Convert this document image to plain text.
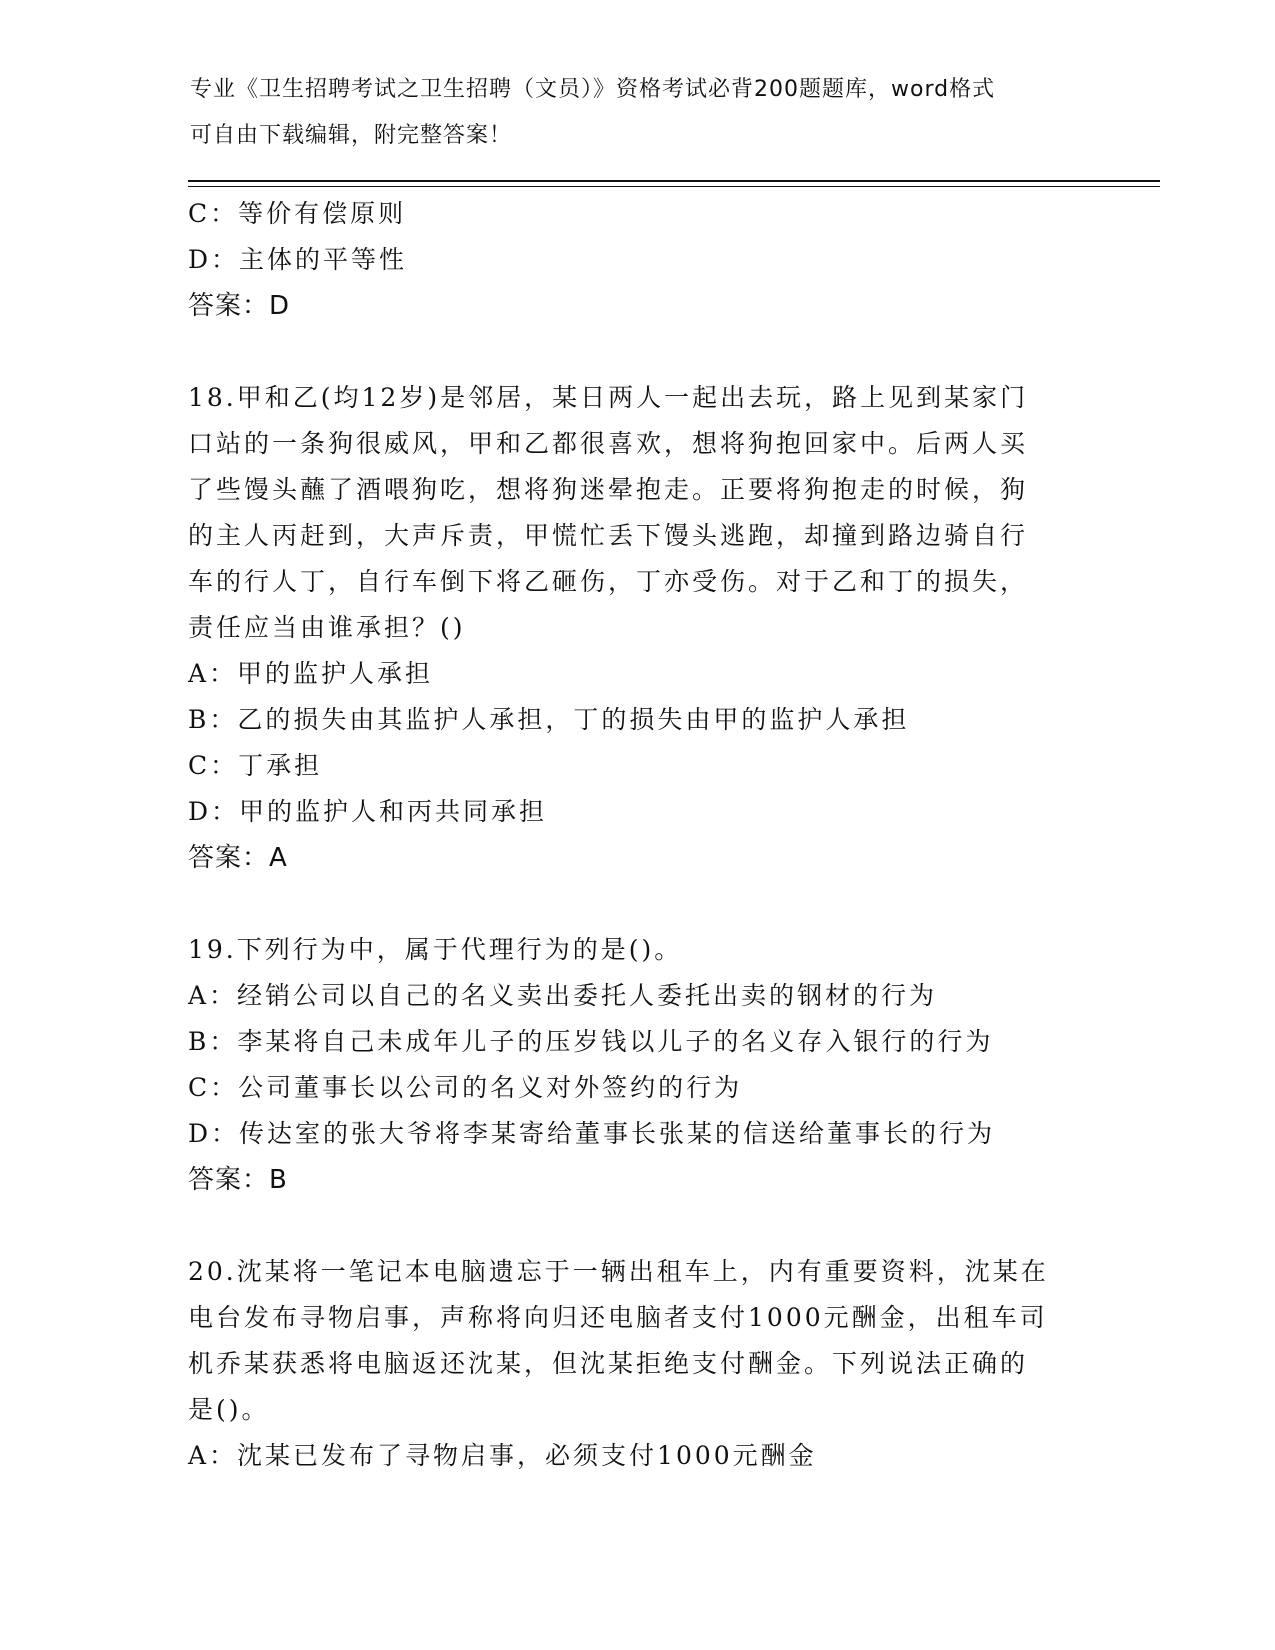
专业《卫生招聘考试之卫生招聘（文员）》资格考试必背200题题库，word格式
可自由下载编辑，附完整答案！
C：等价有偿原则
D：主体的平等性
答案：D
18.甲和乙(均12岁)是邻居，某日两人一起出去玩，路上见到某家门
口站的一条狗很威风，甲和乙都很喜欢，想将狗抱回家中。后两人买
了些馒头蘸了酒喂狗吃，想将狗迷晕抱走。正要将狗抱走的时候，狗
的主人丙赶到，大声斥责，甲慌忙丢下馒头逃跑，却撞到路边骑自行
车的行人丁，自行车倒下将乙砸伤，丁亦受伤。对于乙和丁的损失，
责任应当由谁承担？()
A：甲的监护人承担
B：乙的损失由其监护人承担，丁的损失由甲的监护人承担
C：丁承担
D：甲的监护人和丙共同承担
答案：A
19.下列行为中，属于代理行为的是()。
A：经销公司以自己的名义卖出委托人委托出卖的钢材的行为
B：李某将自己未成年儿子的压岁钱以儿子的名义存入银行的行为
C：公司董事长以公司的名义对外签约的行为
D：传达室的张大爷将李某寄给董事长张某的信送给董事长的行为
答案：B
20.沈某将一笔记本电脑遗忘于一辆出租车上，内有重要资料，沈某在
电台发布寻物启事，声称将向归还电脑者支付1000元酬金，出租车司
机乔某获悉将电脑返还沈某，但沈某拒绝支付酬金。下列说法正确的
是()。
A：沈某已发布了寻物启事，必须支付1000元酬金
